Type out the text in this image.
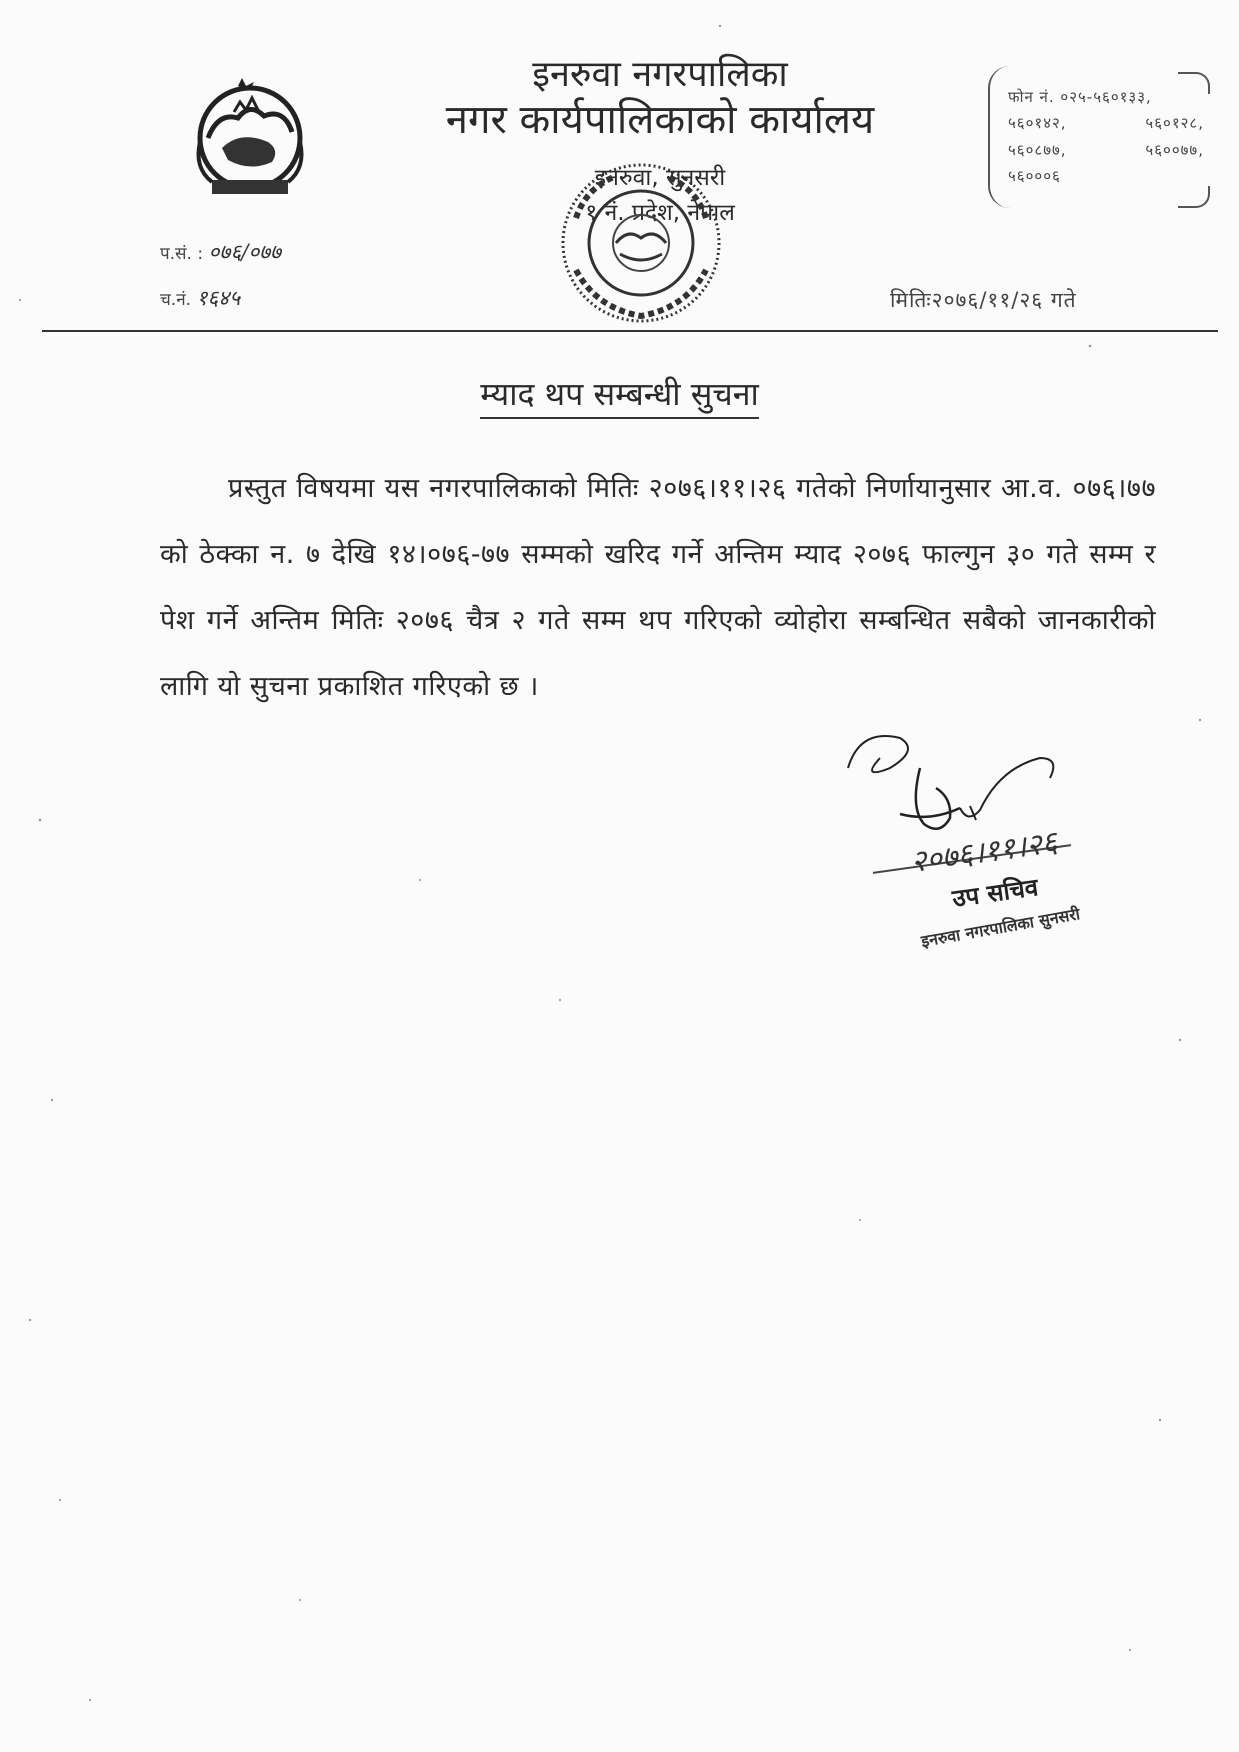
इनरुवा नगरपालिका
नगर कार्यपालिकाको कार्यालय
इनरुवा, सुनसरी
१ नं. प्रदेश, नेपाल
फोन नं. ०२५-५६०१३३,
५६०१४२,	५६०१२८,
५६०८७७,	५६००७७,
५६०००६
प.सं. : ०७६/०७७
च.नं. १६४५	मितिः२०७६/११/२६ गते
म्याद थप सम्बन्धी सुचना
प्रस्तुत विषयमा यस नगरपालिकाको मितिः २०७६।११।२६ गतेको निर्णायानुसार आ.व. ०७६।७७ को ठेक्का न. ७ देखि १४।०७६-७७ सम्मको खरिद गर्ने अन्तिम म्याद २०७६ फाल्गुन ३० गते सम्म र पेश गर्ने अन्तिम मितिः २०७६ चैत्र २ गते सम्म थप गरिएको व्योहोरा सम्बन्धित सबैको जानकारीको लागि यो सुचना प्रकाशित गरिएको छ ।
२०७६।११।२६
उप सचिव
इनरुवा नगरपालिका सुनसरी
